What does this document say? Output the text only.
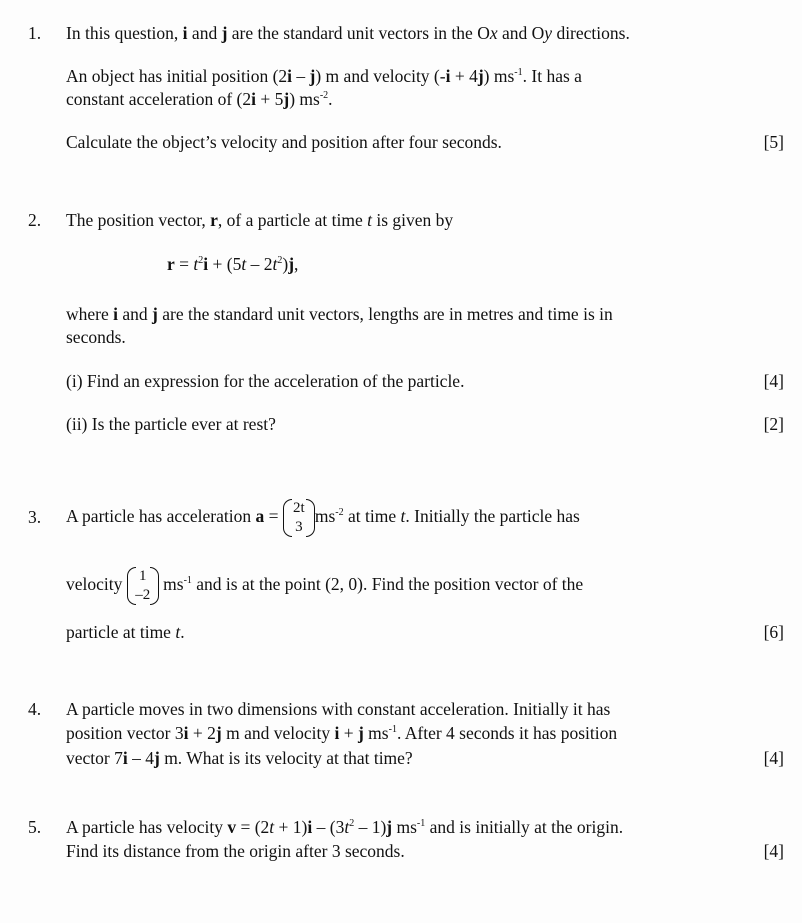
1. In this question, i and j are the standard unit vectors in the Ox and Oy directions.
An object has initial position (2i – j) m and velocity (-i + 4j) $ms^{-1}$. It has a
constant acceleration of (2i + 5j) $ms^{-2}$.
Calculate the object’s velocity and position after four seconds.	[5]
2. The position vector, r, of a particle at time t is given by
$r = t^2i + (5t - 2t^2)j$,
where i and j are the standard unit vectors, lengths are in metres and time is in
seconds.
(i) Find an expression for the acceleration of the particle.	[4]
(ii) Is the particle ever at rest?	[2]
3. A particle has acceleration a = 2t
3
$ms^{-2}$ at time t. Initially the particle has
velocity 1
–2
$ms^{-1}$ and is at the point (2, 0). Find the position vector of the
particle at time t.	[6]
4. A particle moves in two dimensions with constant acceleration. Initially it has
position vector 3i + 2j m and velocity i + j $ms^{-1}$. After 4 seconds it has position
vector 7i – 4j m. What is its velocity at that time?	[4]
5. A particle has velocity $v = (2t + 1)i - (3t^2 - 1)j$ $ms^{-1}$ and is initially at the origin.
Find its distance from the origin after 3 seconds.	[4]
